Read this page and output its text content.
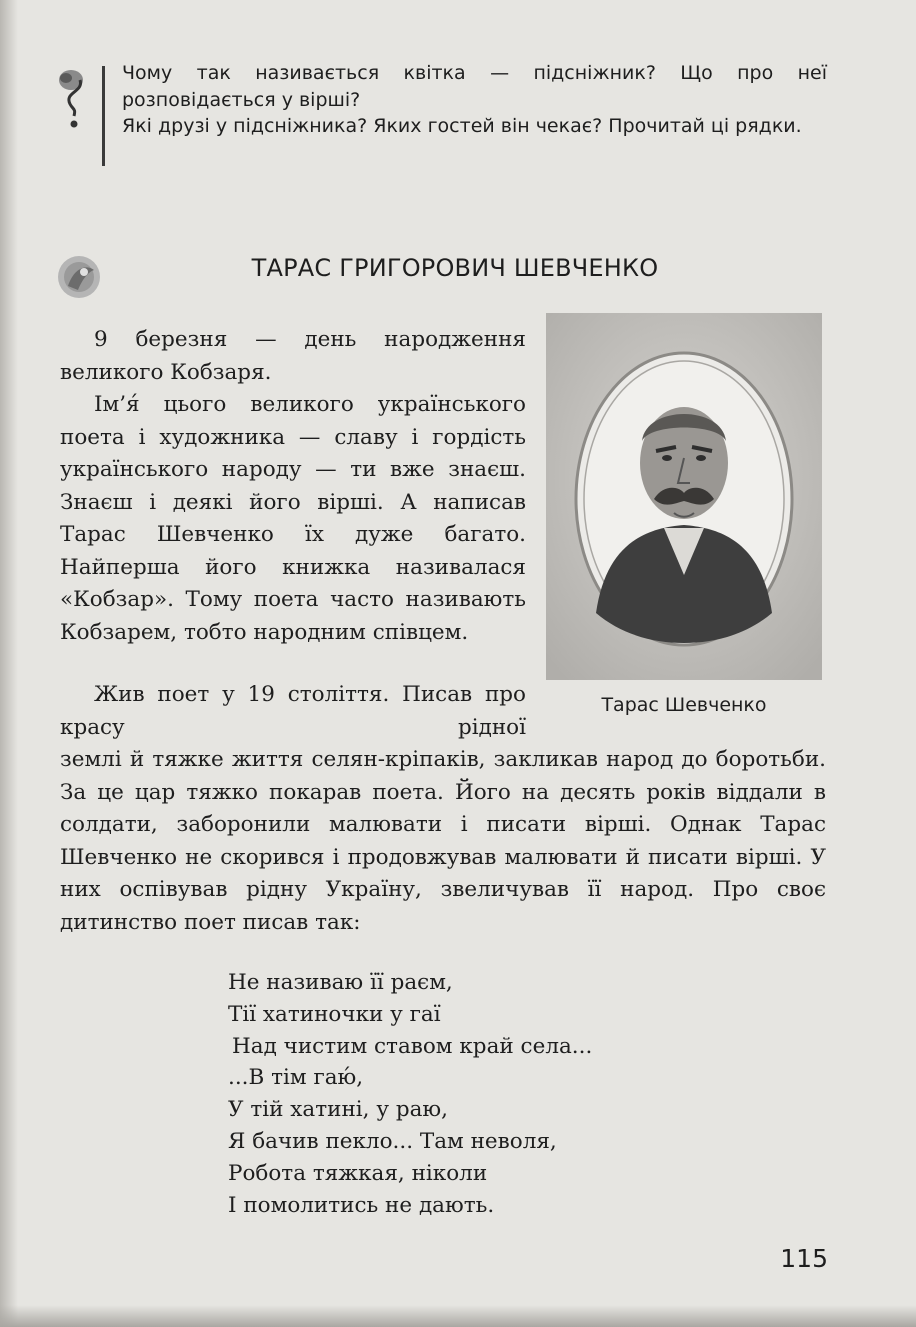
Чому так називається квітка — підсніжник? Що про неї розповідається у вірші?

Які друзі у підсніжника? Яких гостей він чекає? Прочитай ці рядки.

ТАРАС ГРИГОРОВИЧ ШЕВЧЕНКО

9 березня — день народження великого Кобзаря.

Ім’я́ цього великого українського поета і художника — славу і гордість українського народу — ти вже знаєш. Знаєш і деякі його вірші. А написав Тарас Шевченко їх дуже багато. Найперша його книжка називалася «Кобзар». Тому поета часто називають Кобзарем, тобто народним співцем.

Жив поет у 19 століття. Писав про красу рідної

землі й тяжке життя селян-кріпаків, закликав народ до боротьби. За це цар тяжко покарав поета. Його на десять років віддали в солдати, заборонили малювати і писати вірші. Однак Тарас Шевченко не скорився і продовжував малювати й писати вірші. У них оспівував рідну Україну, звеличував її народ. Про своє дитинство поет писав так:

Тарас Шевченко

Не називаю її раєм,
Тії хатиночки у гаї
Над чистим ставом край села...
...В тім гаю́,
У тій хатині, у раю,
Я бачив пекло... Там неволя,
Робота тяжкая, ніколи
І помолитись не дають.

115
